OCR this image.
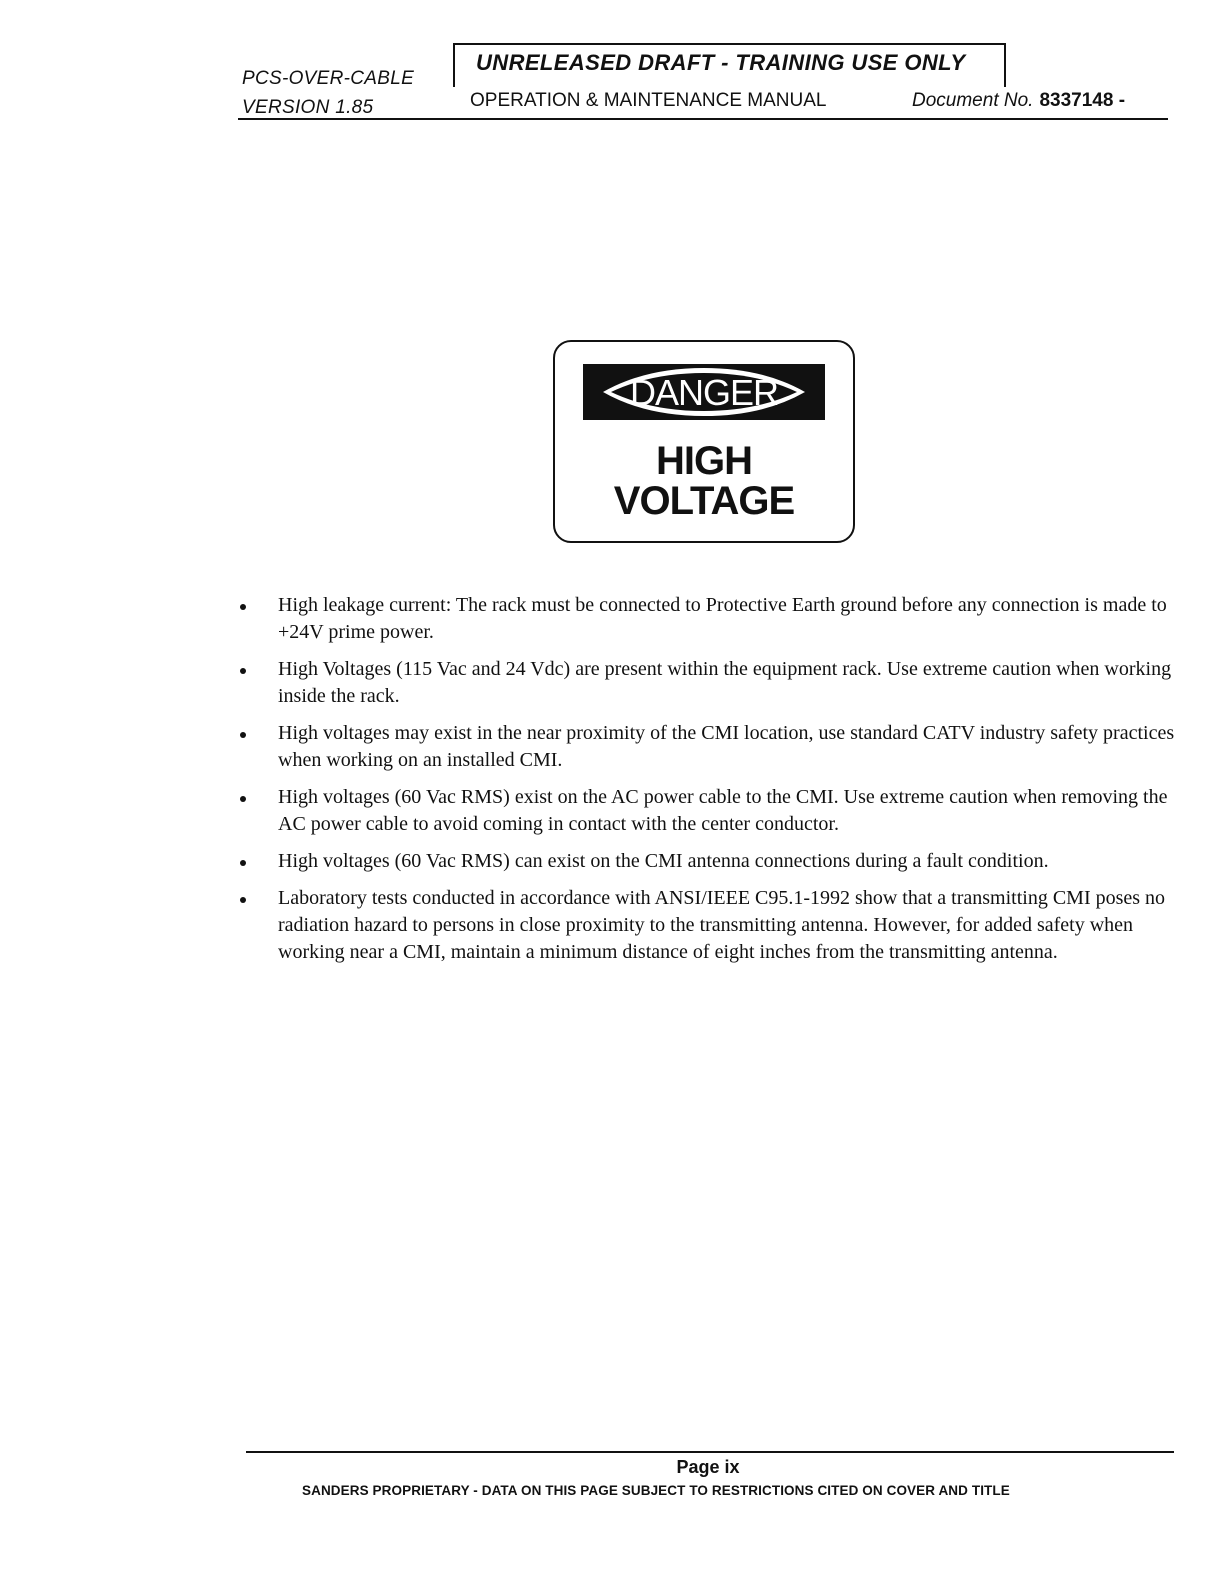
PCS-OVER-CABLE
VERSION 1.85
UNRELEASED DRAFT - TRAINING USE ONLY
OPERATION & MAINTENANCE MANUAL	Document No. 8337148 -
DANGER
HIGH
VOLTAGE
High leakage current: The rack must be connected to Protective Earth ground before any connection is made to +24V prime power.
High Voltages (115 Vac and 24 Vdc) are present within the equipment rack. Use extreme caution when working inside the rack.
High voltages may exist in the near proximity of the CMI location, use standard CATV industry safety practices when working on an installed CMI.
High voltages (60 Vac RMS) exist on the AC power cable to the CMI. Use extreme caution when removing the AC power cable to avoid coming in contact with the center conductor.
High voltages (60 Vac RMS) can exist on the CMI antenna connections during a fault condition.
Laboratory tests conducted in accordance with ANSI/IEEE C95.1-1992 show that a transmitting CMI poses no radiation hazard to persons in close proximity to the transmitting antenna. However, for added safety when working near a CMI, maintain a minimum distance of eight inches from the transmitting antenna.
Page ix
SANDERS PROPRIETARY - DATA ON THIS PAGE SUBJECT TO RESTRICTIONS CITED ON COVER AND TITLE
